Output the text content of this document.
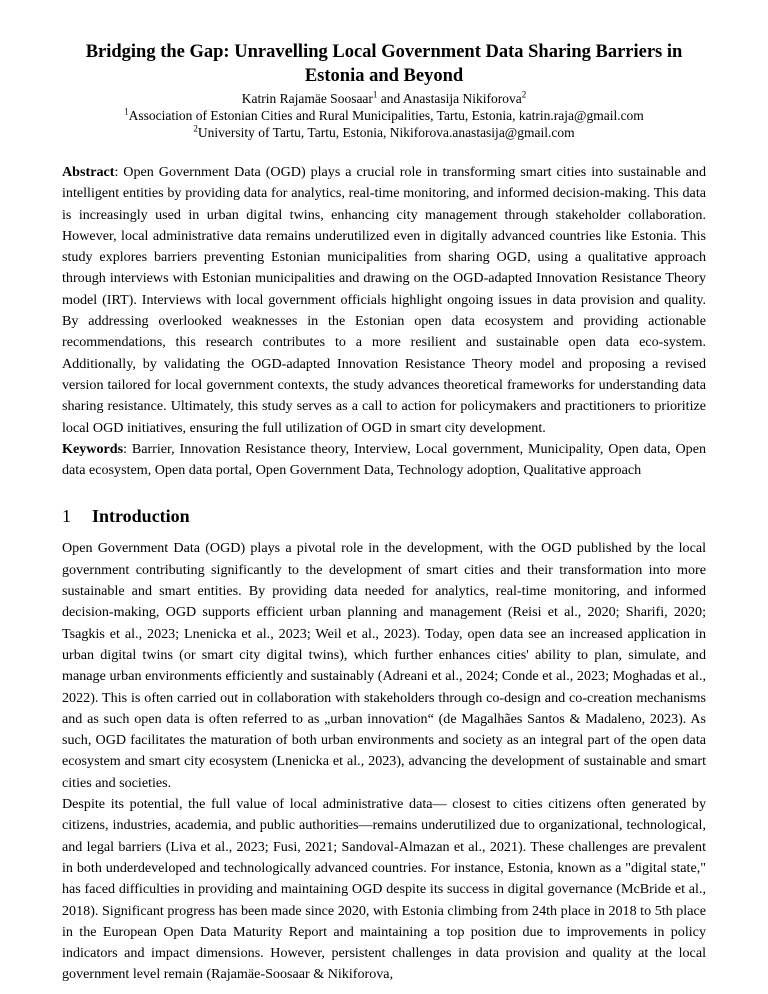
Bridging the Gap: Unravelling Local Government Data Sharing Barriers in Estonia and Beyond

Katrin Rajamäe Soosaar$^1$ and Anastasija Nikiforova$^2$

$^1$Association of Estonian Cities and Rural Municipalities, Tartu, Estonia, katrin.raja@gmail.com

$^2$University of Tartu, Tartu, Estonia, Nikiforova.anastasija@gmail.com

Abstract: Open Government Data (OGD) plays a crucial role in transforming smart cities into sustainable and intelligent entities by providing data for analytics, real-time monitoring, and informed decision-making. This data is increasingly used in urban digital twins, enhancing city management through stakeholder collaboration. However, local administrative data remains underutilized even in digitally advanced countries like Estonia. This study explores barriers preventing Estonian municipalities from sharing OGD, using a qualitative approach through interviews with Estonian municipalities and drawing on the OGD-adapted Innovation Resistance Theory model (IRT). Interviews with local government officials highlight ongoing issues in data provision and quality. By addressing overlooked weaknesses in the Estonian open data ecosystem and providing actionable recommendations, this research contributes to a more resilient and sustainable open data eco-system. Additionally, by validating the OGD-adapted Innovation Resistance Theory model and proposing a revised version tailored for local government contexts, the study advances theoretical frameworks for understanding data sharing resistance. Ultimately, this study serves as a call to action for policymakers and practitioners to prioritize local OGD initiatives, ensuring the full utilization of OGD in smart city development.

Keywords: Barrier, Innovation Resistance theory, Interview, Local government, Municipality, Open data, Open data ecosystem, Open data portal, Open Government Data, Technology adoption, Qualitative approach

1 Introduction

Open Government Data (OGD) plays a pivotal role in the development, with the OGD published by the local government contributing significantly to the development of smart cities and their transformation into more sustainable and smart entities. By providing data needed for analytics, real-time monitoring, and informed decision-making, OGD supports efficient urban planning and management (Reisi et al., 2020; Sharifi, 2020; Tsagkis et al., 2023; Lnenicka et al., 2023; Weil et al., 2023). Today, open data see an increased application in urban digital twins (or smart city digital twins), which further enhances cities' ability to plan, simulate, and manage urban environments efficiently and sustainably (Adreani et al., 2024; Conde et al., 2023; Moghadas et al., 2022). This is often carried out in collaboration with stakeholders through co-design and co-creation mechanisms and as such open data is often referred to as „urban innovation“ (de Magalhães Santos & Madaleno, 2023). As such, OGD facilitates the maturation of both urban environments and society as an integral part of the open data ecosystem and smart city ecosystem (Lnenicka et al., 2023), advancing the development of sustainable and smart cities and societies.

Despite its potential, the full value of local administrative data— closest to cities citizens often generated by citizens, industries, academia, and public authorities—remains underutilized due to organizational, technological, and legal barriers (Liva et al., 2023; Fusi, 2021; Sandoval-Almazan et al., 2021). These challenges are prevalent in both underdeveloped and technologically advanced countries. For instance, Estonia, known as a "digital state," has faced difficulties in providing and maintaining OGD despite its success in digital governance (McBride et al., 2018). Significant progress has been made since 2020, with Estonia climbing from 24th place in 2018 to 5th place in the European Open Data Maturity Report and maintaining a top position due to improvements in policy indicators and impact dimensions. However, persistent challenges in data provision and quality at the local government level remain (Rajamäe-Soosaar & Nikiforova,
